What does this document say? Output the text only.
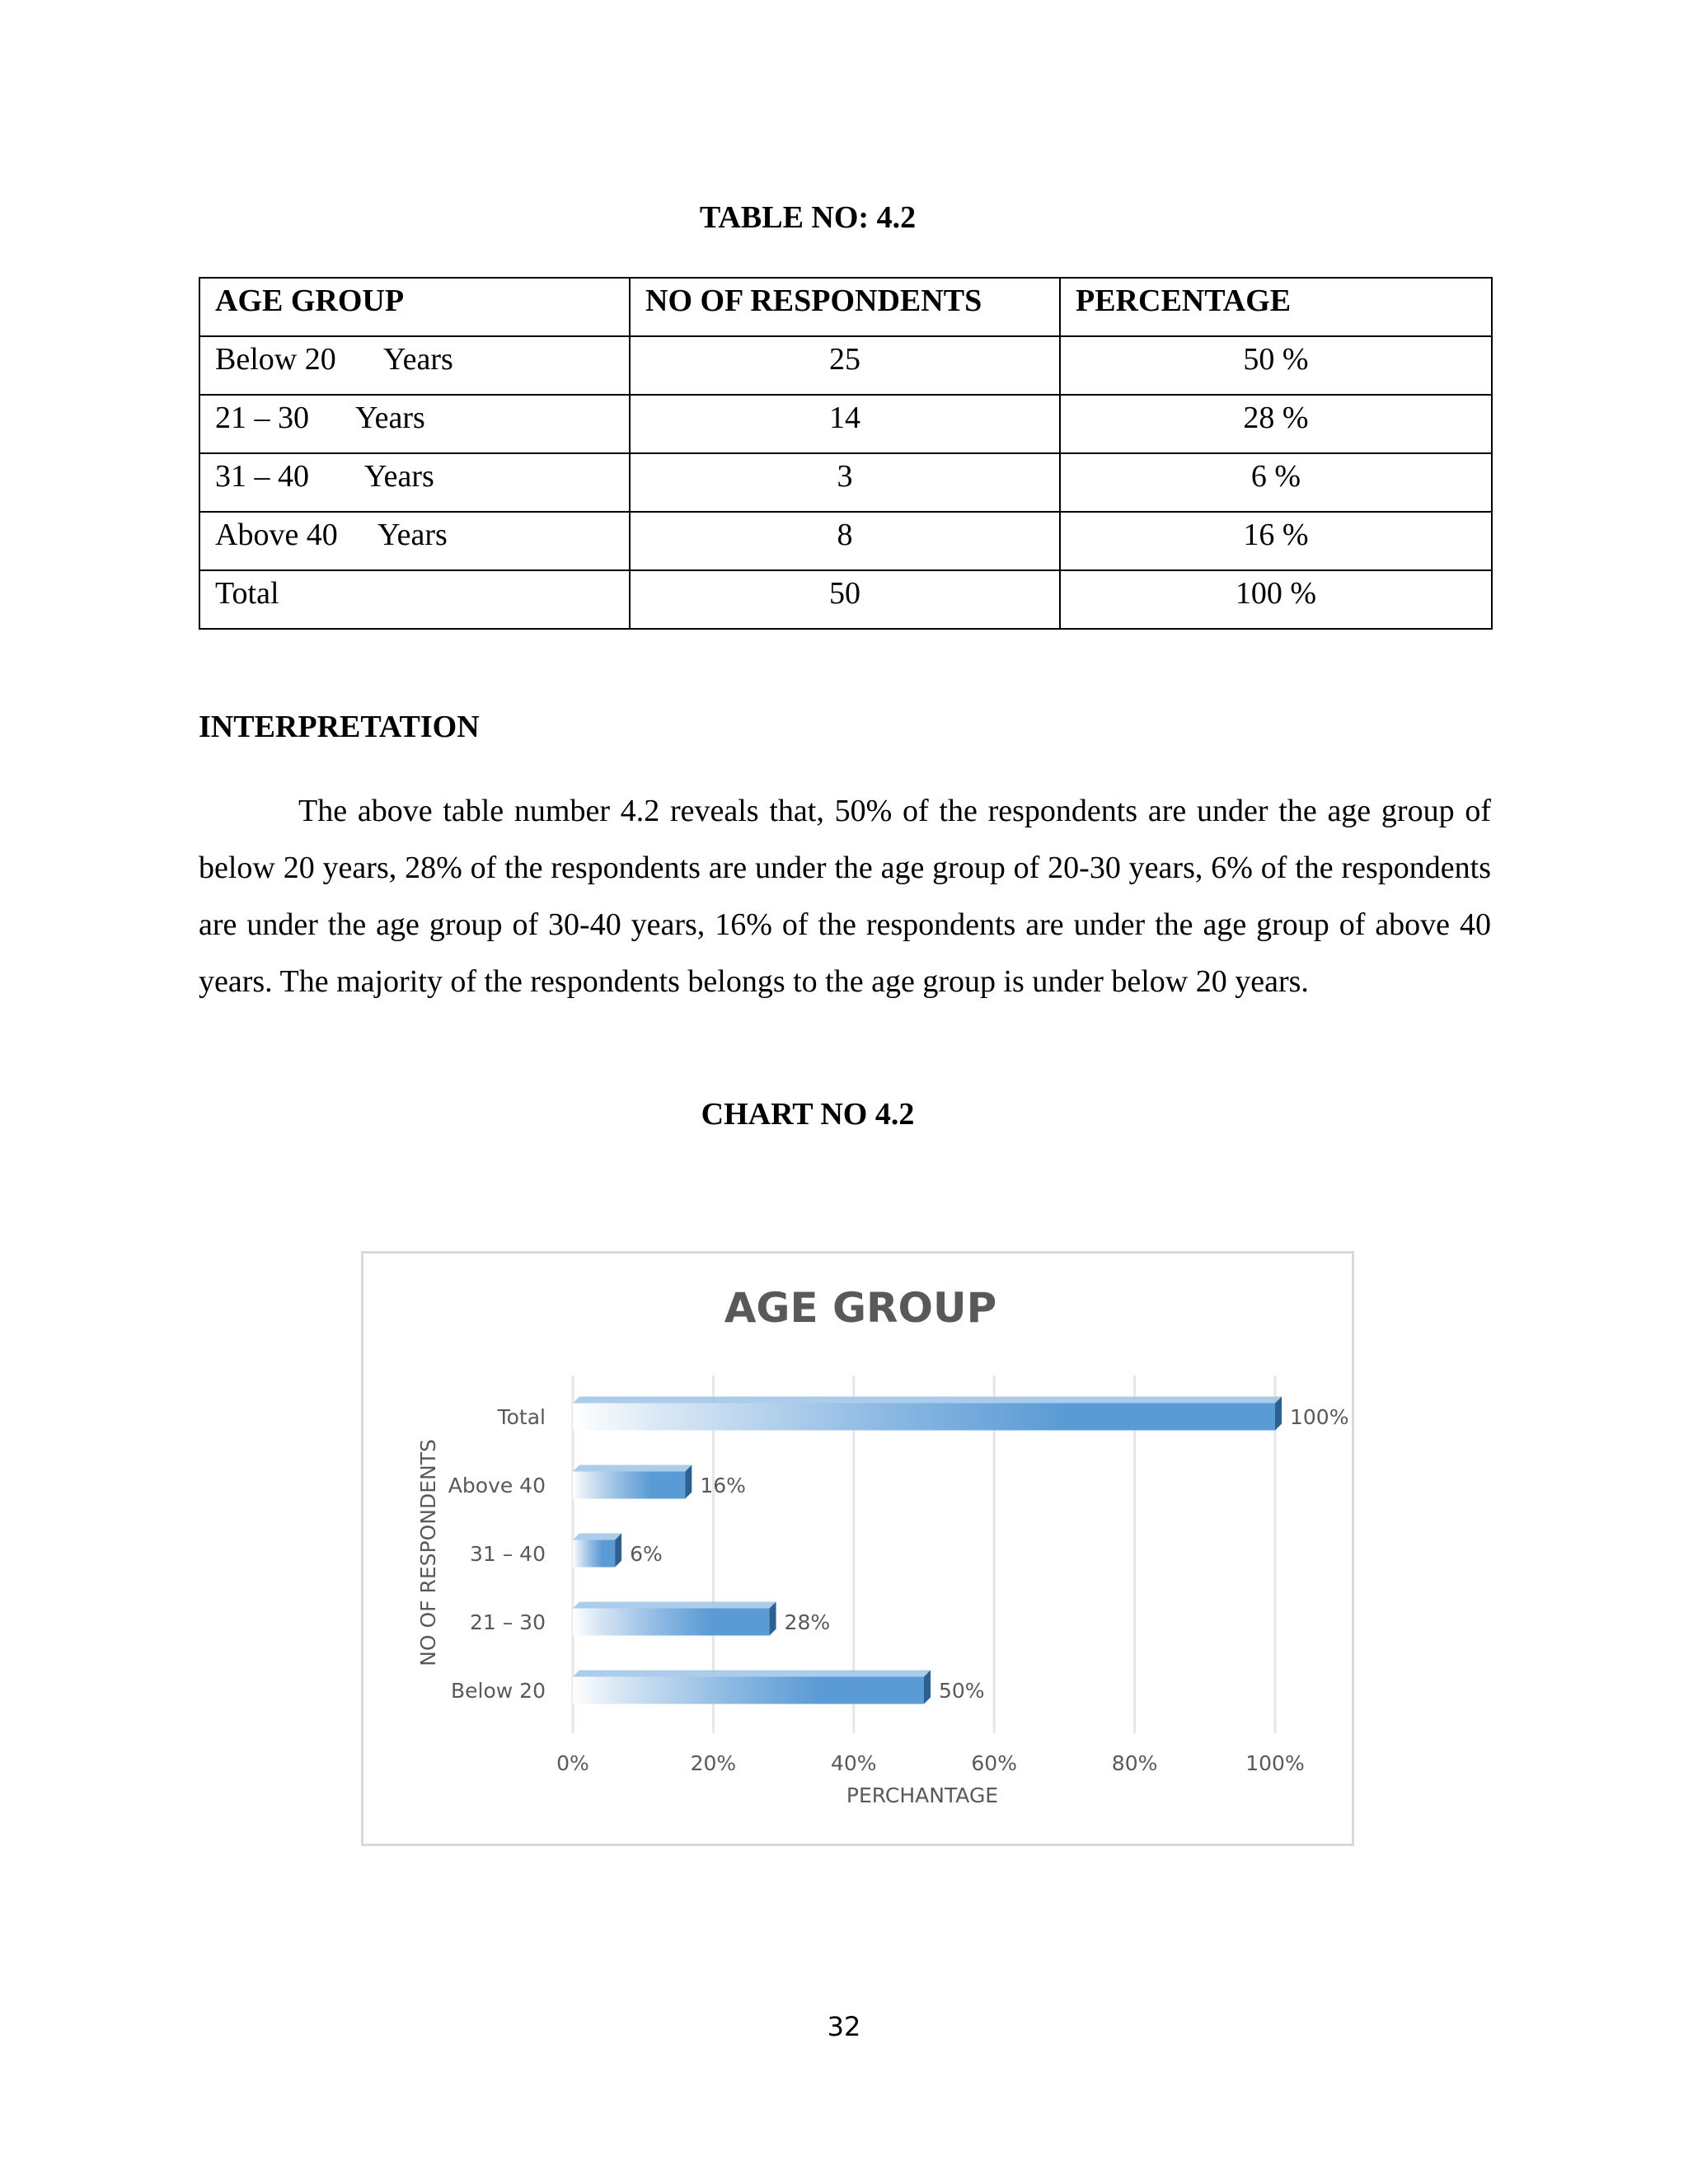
TABLE NO: 4.2
AGE GROUP	NO OF RESPONDENTS	PERCENTAGE
Below 20 Years	25	50 %
21 – 30 Years	14	28 %
31 – 40 Years	3	6 %
Above 40 Years	8	16 %
Total	50	100 %
INTERPRETATION

The above table number 4.2 reveals that, 50% of the respondents are under the age group of below 20 years, 28% of the respondents are under the age group of 20-30 years, 6% of the respondents are under the age group of 30-40 years, 16% of the respondents are under the age group of above 40 years. The majority of the respondents belongs to the age group is under below 20 years.

CHART NO 4.2
0%	20%	40%	60%	80%	100%
Below 20	50%
21 – 30	28%
31 – 40	6%
Above 40	16%
Total	100%
AGE GROUP
PERCHANTAGE
NO OF RESPONDENTS
32
